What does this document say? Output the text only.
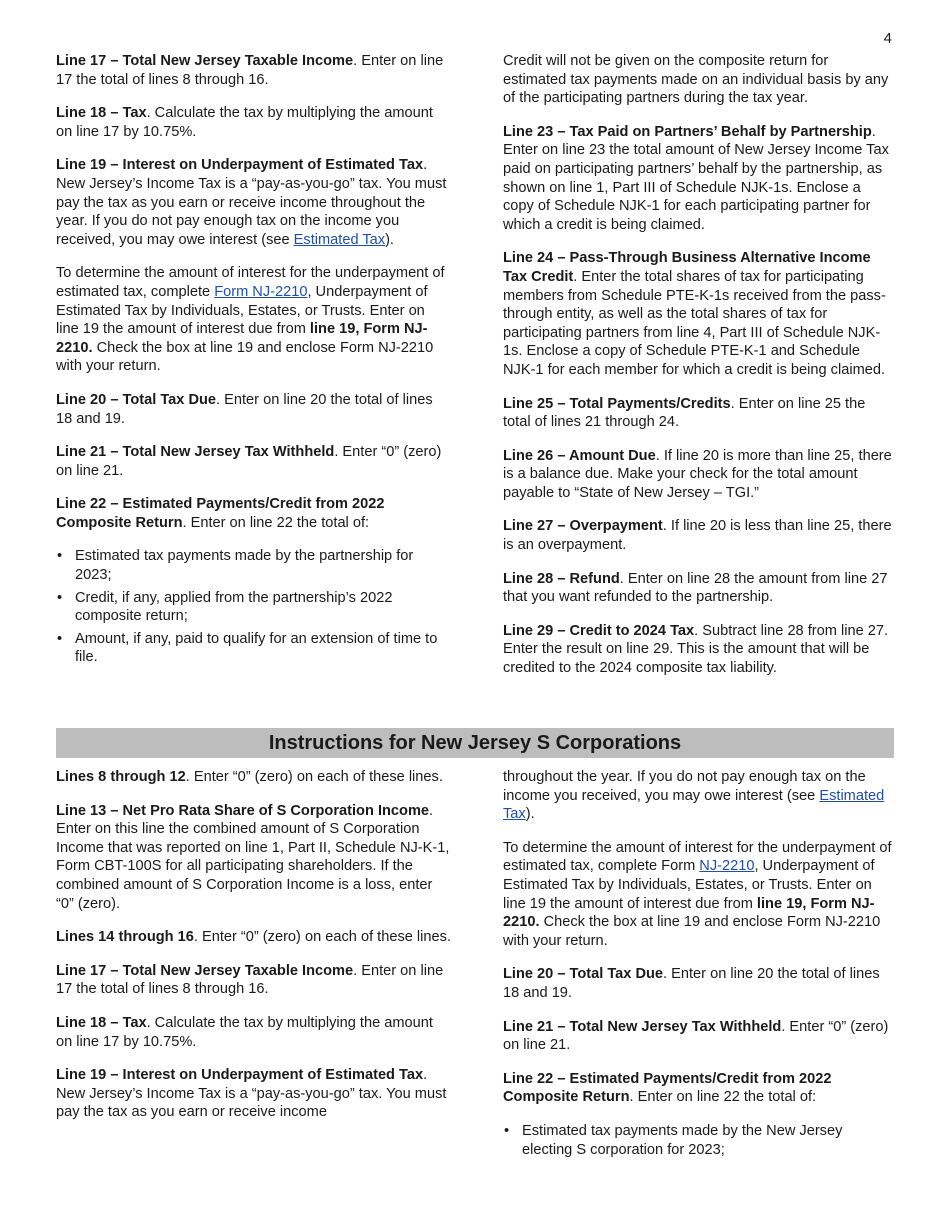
4

Line 17 – Total New Jersey Taxable Income. Enter on line 17 the total of lines 8 through 16.

Line 18 – Tax. Calculate the tax by multiplying the amount on line 17 by 10.75%.

Line 19 – Interest on Underpayment of Estimated Tax. New Jersey’s Income Tax is a “pay-as-you-go” tax. You must pay the tax as you earn or receive income throughout the year. If you do not pay enough tax on the income you received, you may owe interest (see Estimated Tax).

To determine the amount of interest for the underpayment of estimated tax, complete Form NJ-2210, Underpayment of Estimated Tax by Individuals, Estates, or Trusts. Enter on line 19 the amount of interest due from line 19, Form NJ-2210. Check the box at line 19 and enclose Form NJ-2210 with your return.

Line 20 – Total Tax Due. Enter on line 20 the total of lines 18 and 19.

Line 21 – Total New Jersey Tax Withheld. Enter “0” (zero) on line 21.

Line 22 – Estimated Payments/Credit from 2022 Composite Return. Enter on line 22 the total of:

• Estimated tax payments made by the partnership for 2023;
• Credit, if any, applied from the partnership’s 2022 composite return;
• Amount, if any, paid to qualify for an extension of time to file.

Credit will not be given on the composite return for estimated tax payments made on an individual basis by any of the participating partners during the tax year.

Line 23 – Tax Paid on Partners’ Behalf by Partnership. Enter on line 23 the total amount of New Jersey Income Tax paid on participating partners’ behalf by the partnership, as shown on line 1, Part III of Schedule NJK-1s. Enclose a copy of Schedule NJK-1 for each participating partner for which a credit is being claimed.

Line 24 – Pass-Through Business Alternative Income Tax Credit. Enter the total shares of tax for participating members from Schedule PTE-K-1s received from the pass-through entity, as well as the total shares of tax for participating partners from line 4, Part III of Schedule NJK-1s. Enclose a copy of Schedule PTE-K-1 and Schedule NJK-1 for each member for which a credit is being claimed.

Line 25 – Total Payments/Credits. Enter on line 25 the total of lines 21 through 24.

Line 26 – Amount Due. If line 20 is more than line 25, there is a balance due. Make your check for the total amount payable to “State of New Jersey – TGI.”

Line 27 – Overpayment. If line 20 is less than line 25, there is an overpayment.

Line 28 – Refund. Enter on line 28 the amount from line 27 that you want refunded to the partnership.

Line 29 – Credit to 2024 Tax. Subtract line 28 from line 27. Enter the result on line 29. This is the amount that will be credited to the 2024 composite tax liability.

Instructions for New Jersey S Corporations

Lines 8 through 12. Enter “0” (zero) on each of these lines.

Line 13 – Net Pro Rata Share of S Corporation Income. Enter on this line the combined amount of S Corporation Income that was reported on line 1, Part II, Schedule NJ-K-1, Form CBT-100S for all participating shareholders. If the combined amount of S Corporation Income is a loss, enter “0” (zero).

Lines 14 through 16. Enter “0” (zero) on each of these lines.

Line 17 – Total New Jersey Taxable Income. Enter on line 17 the total of lines 8 through 16.

Line 18 – Tax. Calculate the tax by multiplying the amount on line 17 by 10.75%.

Line 19 – Interest on Underpayment of Estimated Tax. New Jersey’s Income Tax is a “pay-as-you-go” tax. You must pay the tax as you earn or receive income

throughout the year. If you do not pay enough tax on the income you received, you may owe interest (see Estimated Tax).

To determine the amount of interest for the underpayment of estimated tax, complete Form NJ-2210, Underpayment of Estimated Tax by Individuals, Estates, or Trusts. Enter on line 19 the amount of interest due from line 19, Form NJ-2210. Check the box at line 19 and enclose Form NJ-2210 with your return.

Line 20 – Total Tax Due. Enter on line 20 the total of lines 18 and 19.

Line 21 – Total New Jersey Tax Withheld. Enter “0” (zero) on line 21.

Line 22 – Estimated Payments/Credit from 2022 Composite Return. Enter on line 22 the total of:

• Estimated tax payments made by the New Jersey electing S corporation for 2023;
